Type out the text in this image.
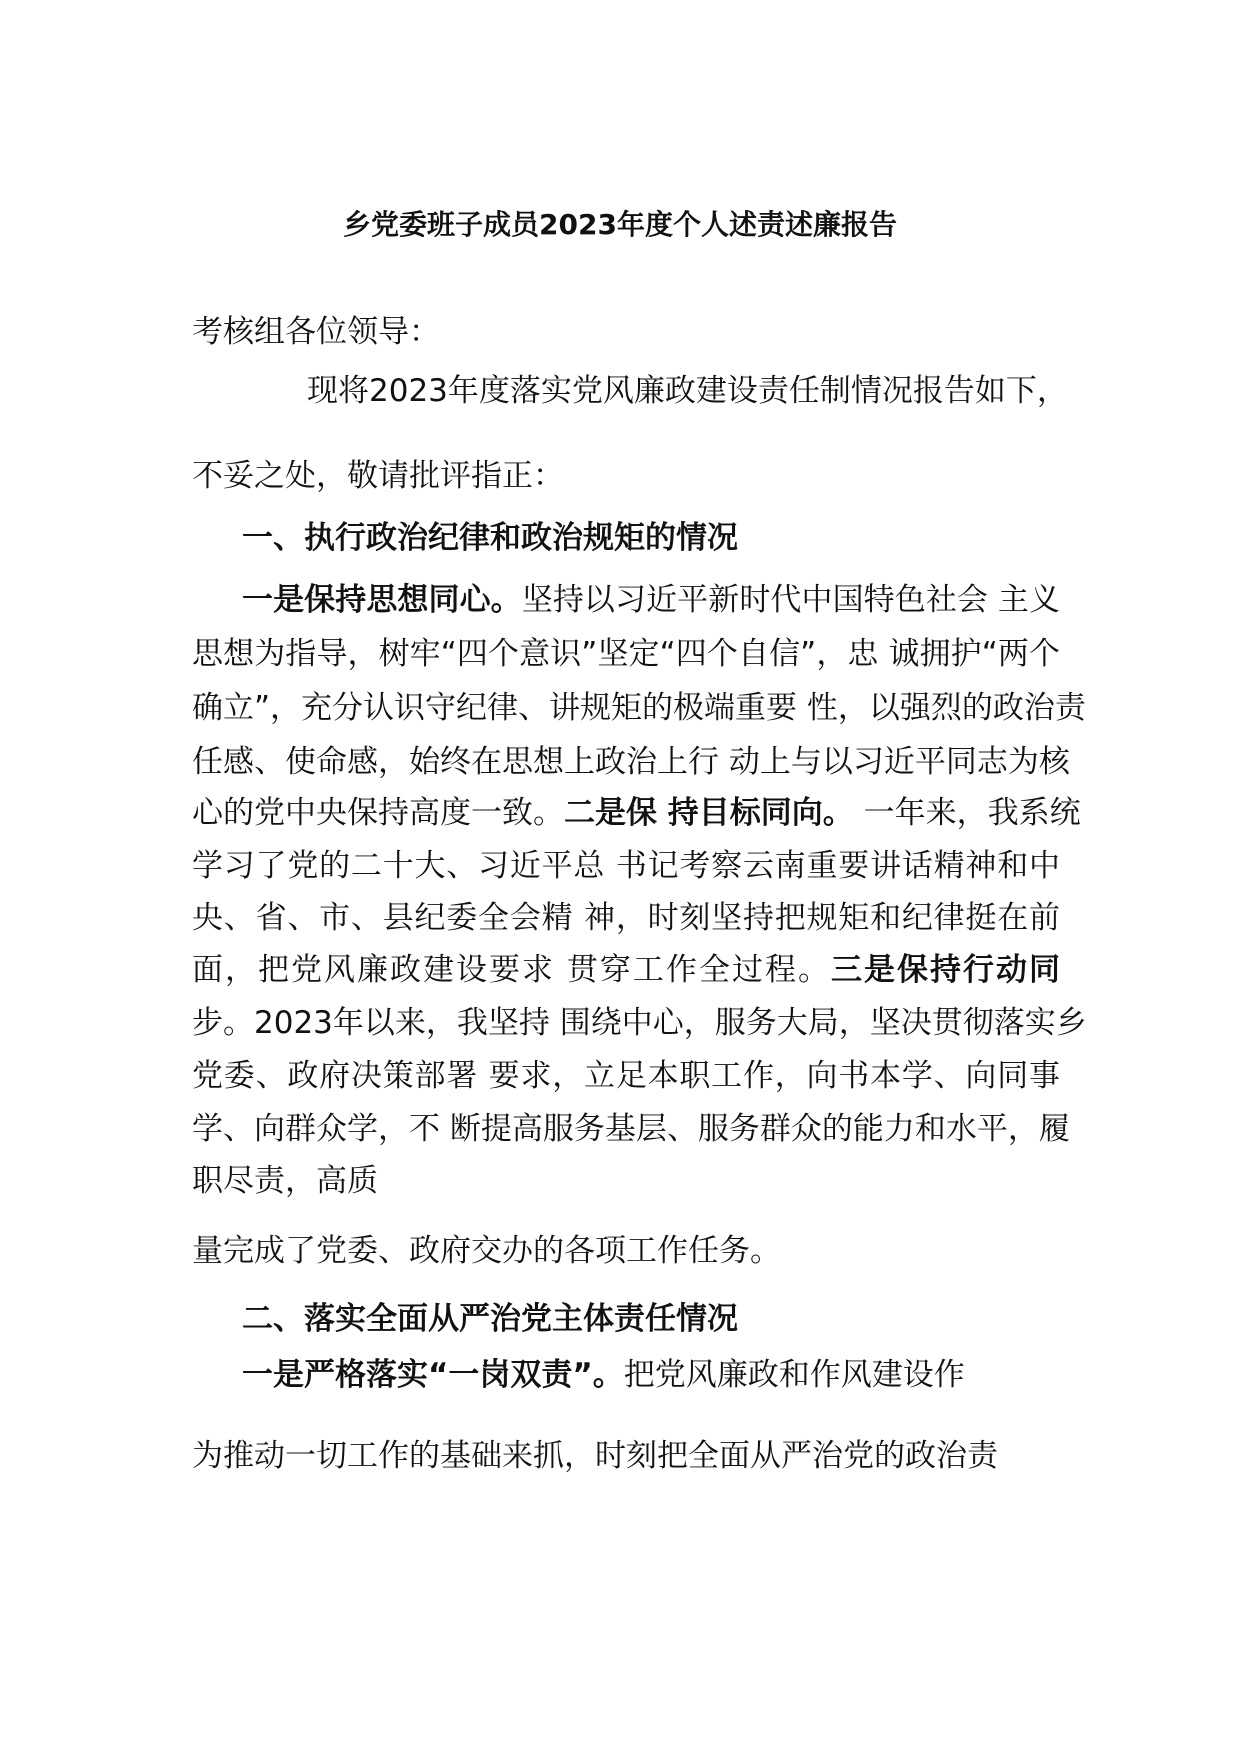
乡党委班子成员2023年度个人述责述廉报告
考核组各位领导：
现将2023年度落实党风廉政建设责任制情况报告如下，
不妥之处，敬请批评指正：
一、执行政治纪律和政治规矩的情况
一是保持思想同心。坚持以习近平新时代中国特色社会 主义
思想为指导，树牢“四个意识”坚定“四个自信”，忠 诚拥护“两个
确立”，充分认识守纪律、讲规矩的极端重要 性，以强烈的政治责
任感、使命感，始终在思想上政治上行 动上与以习近平同志为核
心的党中央保持高度一致。二是保 持目标同向。 一年来，我系统
学习了党的二十大、习近平总 书记考察云南重要讲话精神和中
央、省、市、县纪委全会精 神，时刻坚持把规矩和纪律挺在前
面，把党风廉政建设要求 贯穿工作全过程。三是保持行动同
步。2023年以来，我坚持 围绕中心，服务大局，坚决贯彻落实乡
党委、政府决策部署 要求，立足本职工作，向书本学、向同事
学、向群众学，不 断提高服务基层、服务群众的能力和水平，履
职尽责，高质
量完成了党委、政府交办的各项工作任务。
二、落实全面从严治党主体责任情况
一是严格落实“一岗双责”。把党风廉政和作风建设作
为推动一切工作的基础来抓，时刻把全面从严治党的政治责
